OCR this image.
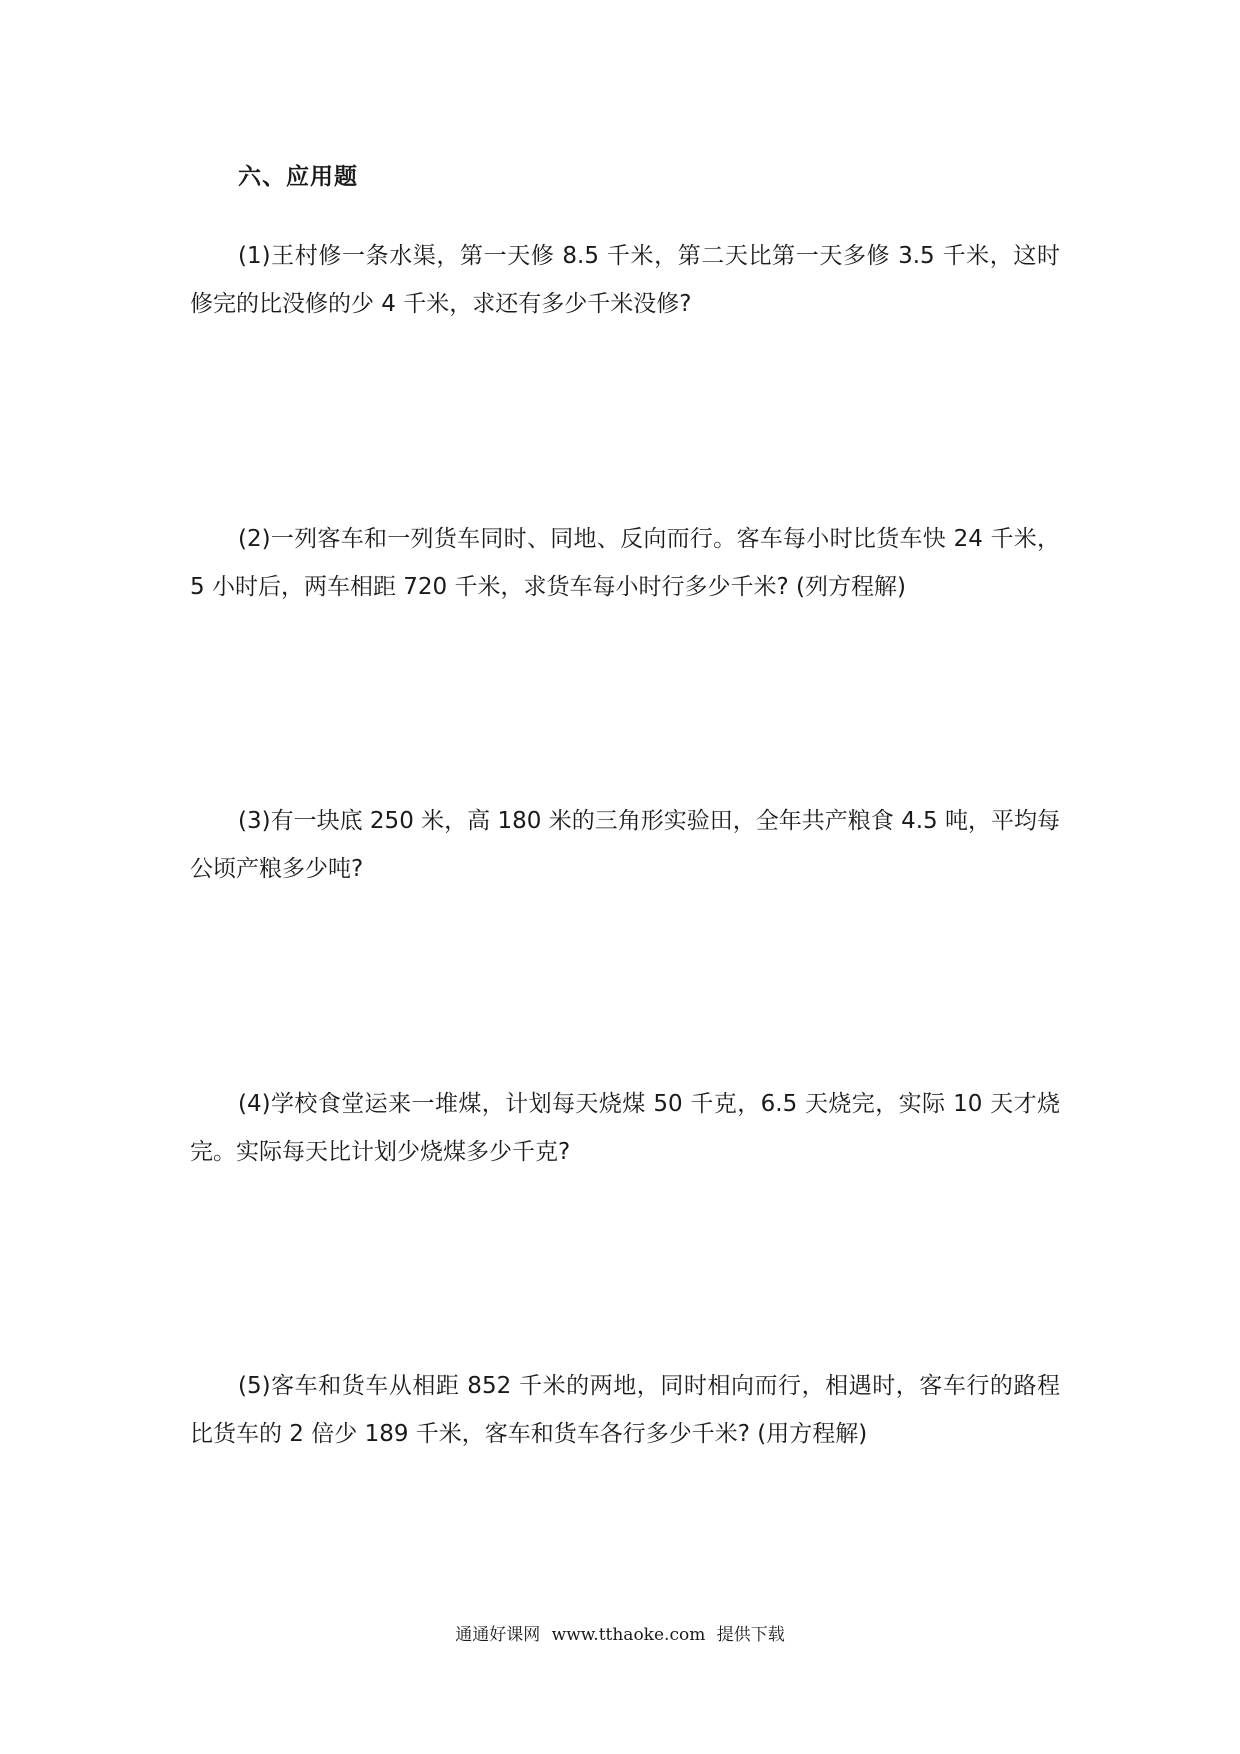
六、应用题
(1)王村修一条水渠，第一天修 8.5 千米，第二天比第一天多修 3.5 千米，这时修完的比没修的少 4 千米，求还有多少千米没修?
(2)一列客车和一列货车同时、同地、反向而行。客车每小时比货车快 24 千米，5 小时后，两车相距 720 千米，求货车每小时行多少千米? (列方程解)
(3)有一块底 250 米，高 180 米的三角形实验田，全年共产粮食 4.5 吨，平均每公顷产粮多少吨?
(4)学校食堂运来一堆煤，计划每天烧煤 50 千克，6.5 天烧完，实际 10 天才烧完。实际每天比计划少烧煤多少千克?
(5)客车和货车从相距 852 千米的两地，同时相向而行，相遇时，客车行的路程比货车的 2 倍少 189 千米，客车和货车各行多少千米? (用方程解)
通通好课网 www.tthaoke.com 提供下载
